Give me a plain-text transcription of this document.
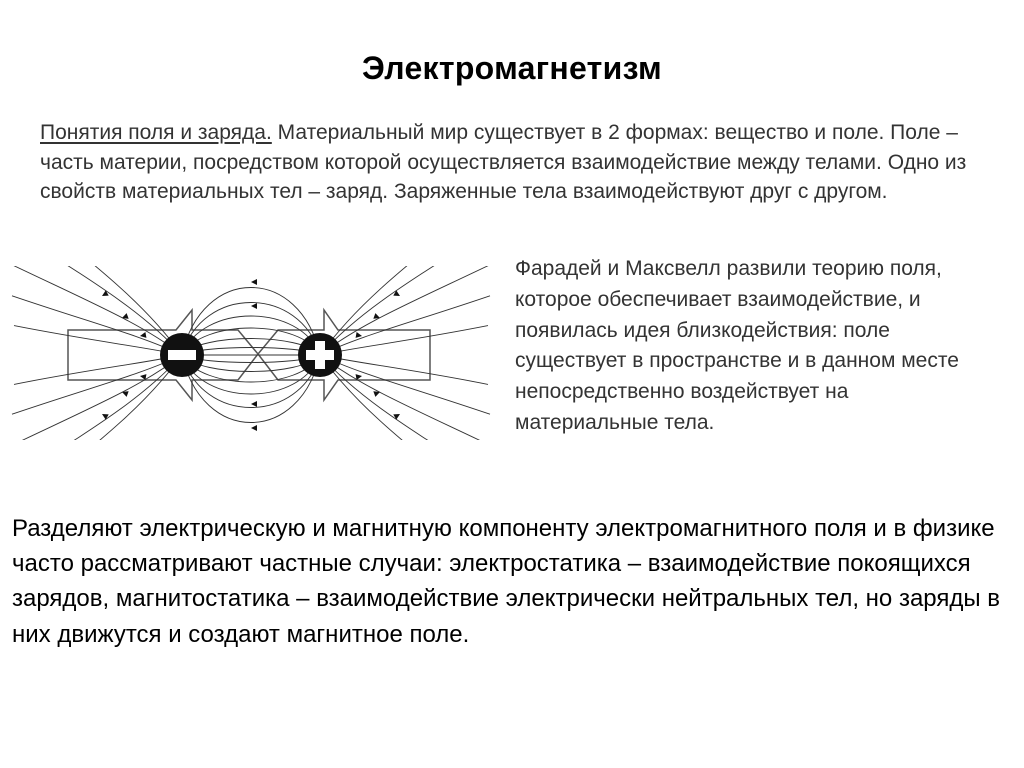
Электромагнетизм

Понятия поля и заряда. Материальный мир существует в 2 формах: вещество и поле. Поле – часть материи, посредством которой осуществляется взаимодействие между телами. Одно из свойств материальных тел – заряд. Заряженные тела взаимодействуют друг с другом.

Фарадей и Максвелл развили теорию поля, которое обеспечивает взаимодействие, и появилась идея близкодействия: поле существует в пространстве и в данном месте непосредственно воздействует на материальные тела.
Разделяют электрическую и магнитную компоненту электромагнитного поля и в физике часто рассматривают частные случаи: электростатика – взаимодействие покоящихся зарядов, магнитостатика – взаимодействие электрически нейтральных тел, но заряды в них движутся и создают магнитное поле.
